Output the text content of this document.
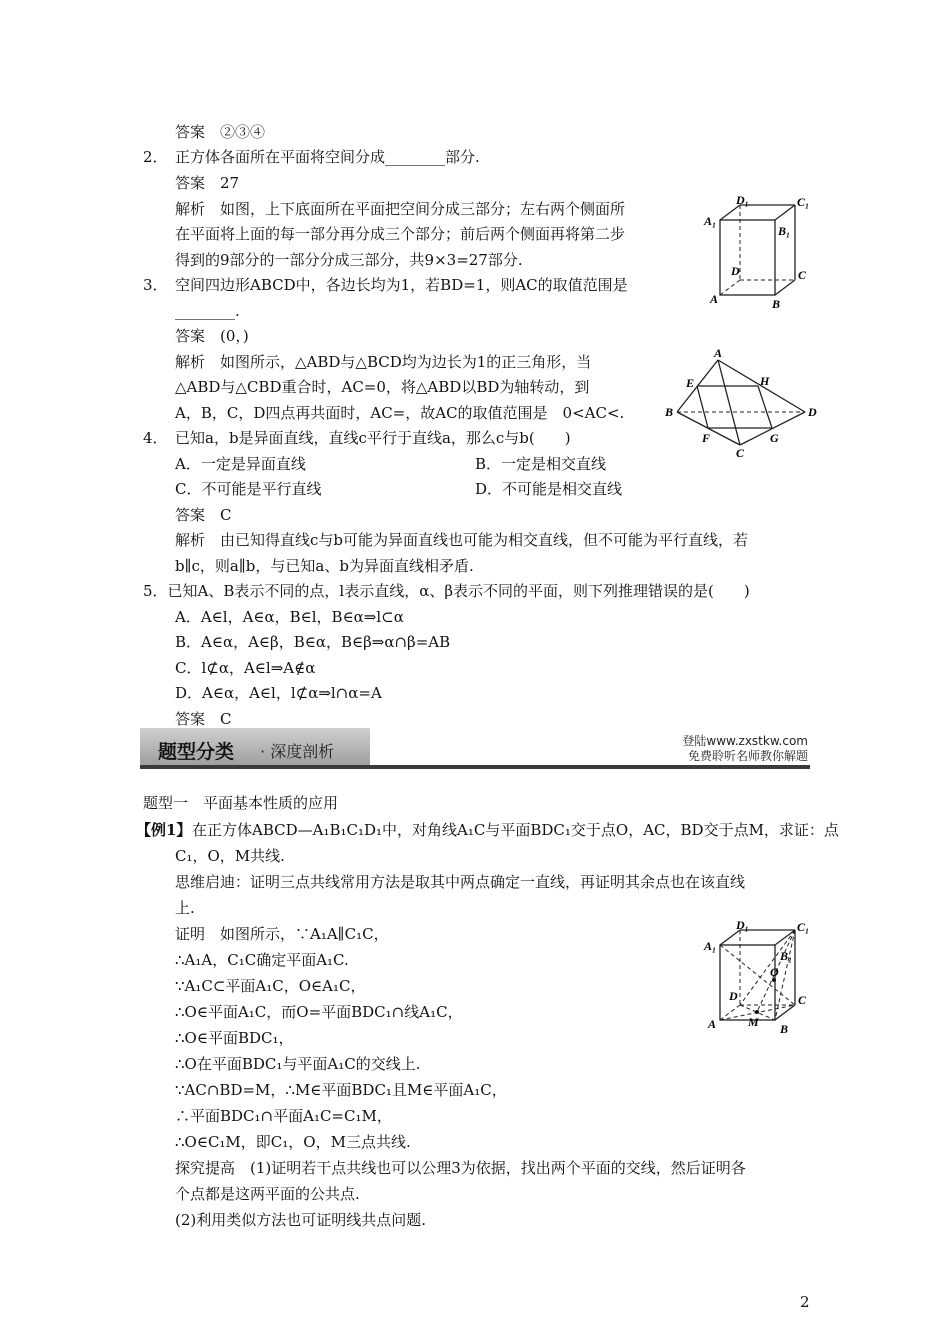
答案　②③④
2． 正方体各面所在平面将空间分成________部分.
答案　27
解析　如图，上下底面所在平面把空间分成三部分；左右两个侧面所
在平面将上面的每一部分再分成三个部分；前后两个侧面再将第二步
得到的9部分的一部分分成三部分，共9×3=27部分.
3． 空间四边形ABCD中，各边长均为1，若BD=1，则AC的取值范围是
________.
答案　(0，)
解析　如图所示，△ABD与△BCD均为边长为1的正三角形，当
△ABD与△CBD重合时，AC=0，将△ABD以BD为轴转动，到
A，B，C，D四点再共面时，AC=，故AC的取值范围是　0<AC<.
4． 已知a，b是异面直线，直线c平行于直线a，那么c与b(　　)
A．一定是异面直线	B．一定是相交直线
C．不可能是平行直线	D．不可能是相交直线
答案　C
解析　由已知得直线c与b可能为异面直线也可能为相交直线，但不可能为平行直线，若
b∥c，则a∥b，与已知a、b为异面直线相矛盾.
5．已知A、B表示不同的点，l表示直线，α、β表示不同的平面，则下列推理错误的是(　　)
A．A∈l，A∈α，B∈l，B∈α⇒l⊂α
B．A∈α，A∈β，B∈α，B∈β⇒α∩β=AB
C．l⊄α，A∈l⇒A∉α
D．A∈α，A∈l，l⊄α⇒l∩α=A
答案　C
题型分类 · 深度剖析
登陆www.zxstkw.com
免费聆听名师教你解题
题型一　平面基本性质的应用
【例1】 在正方体ABCD—A₁B₁C₁D₁中，对角线A₁C与平面BDC₁交于点O，AC，BD交于点M，求证：点
C₁，O，M共线.
思维启迪：证明三点共线常用方法是取其中两点确定一直线，再证明其余点也在该直线
上.
证明　如图所示，∵A₁A∥C₁C，
∴A₁A，C₁C确定平面A₁C.
∵A₁C⊂平面A₁C，O∈A₁C，
∴O∈平面A₁C，而O=平面BDC₁∩线A₁C，
∴O∈平面BDC₁，
∴O在平面BDC₁与平面A₁C的交线上.
∵AC∩BD=M，∴M∈平面BDC₁且M∈平面A₁C，
∴平面BDC₁∩平面A₁C=C₁M，
∴O∈C₁M，即C₁，O，M三点共线.
探究提高　(1)证明若干点共线也可以公理3为依据，找出两个平面的交线，然后证明各
个点都是这两平面的公共点.
(2)利用类似方法也可证明线共点问题.
2
D₁	C₁
A₁
B₁
D	C
A	B
A
E	H
B	D
F	G
C
D₁	C₁
A₁
B₁
O
D	C
A	M B
